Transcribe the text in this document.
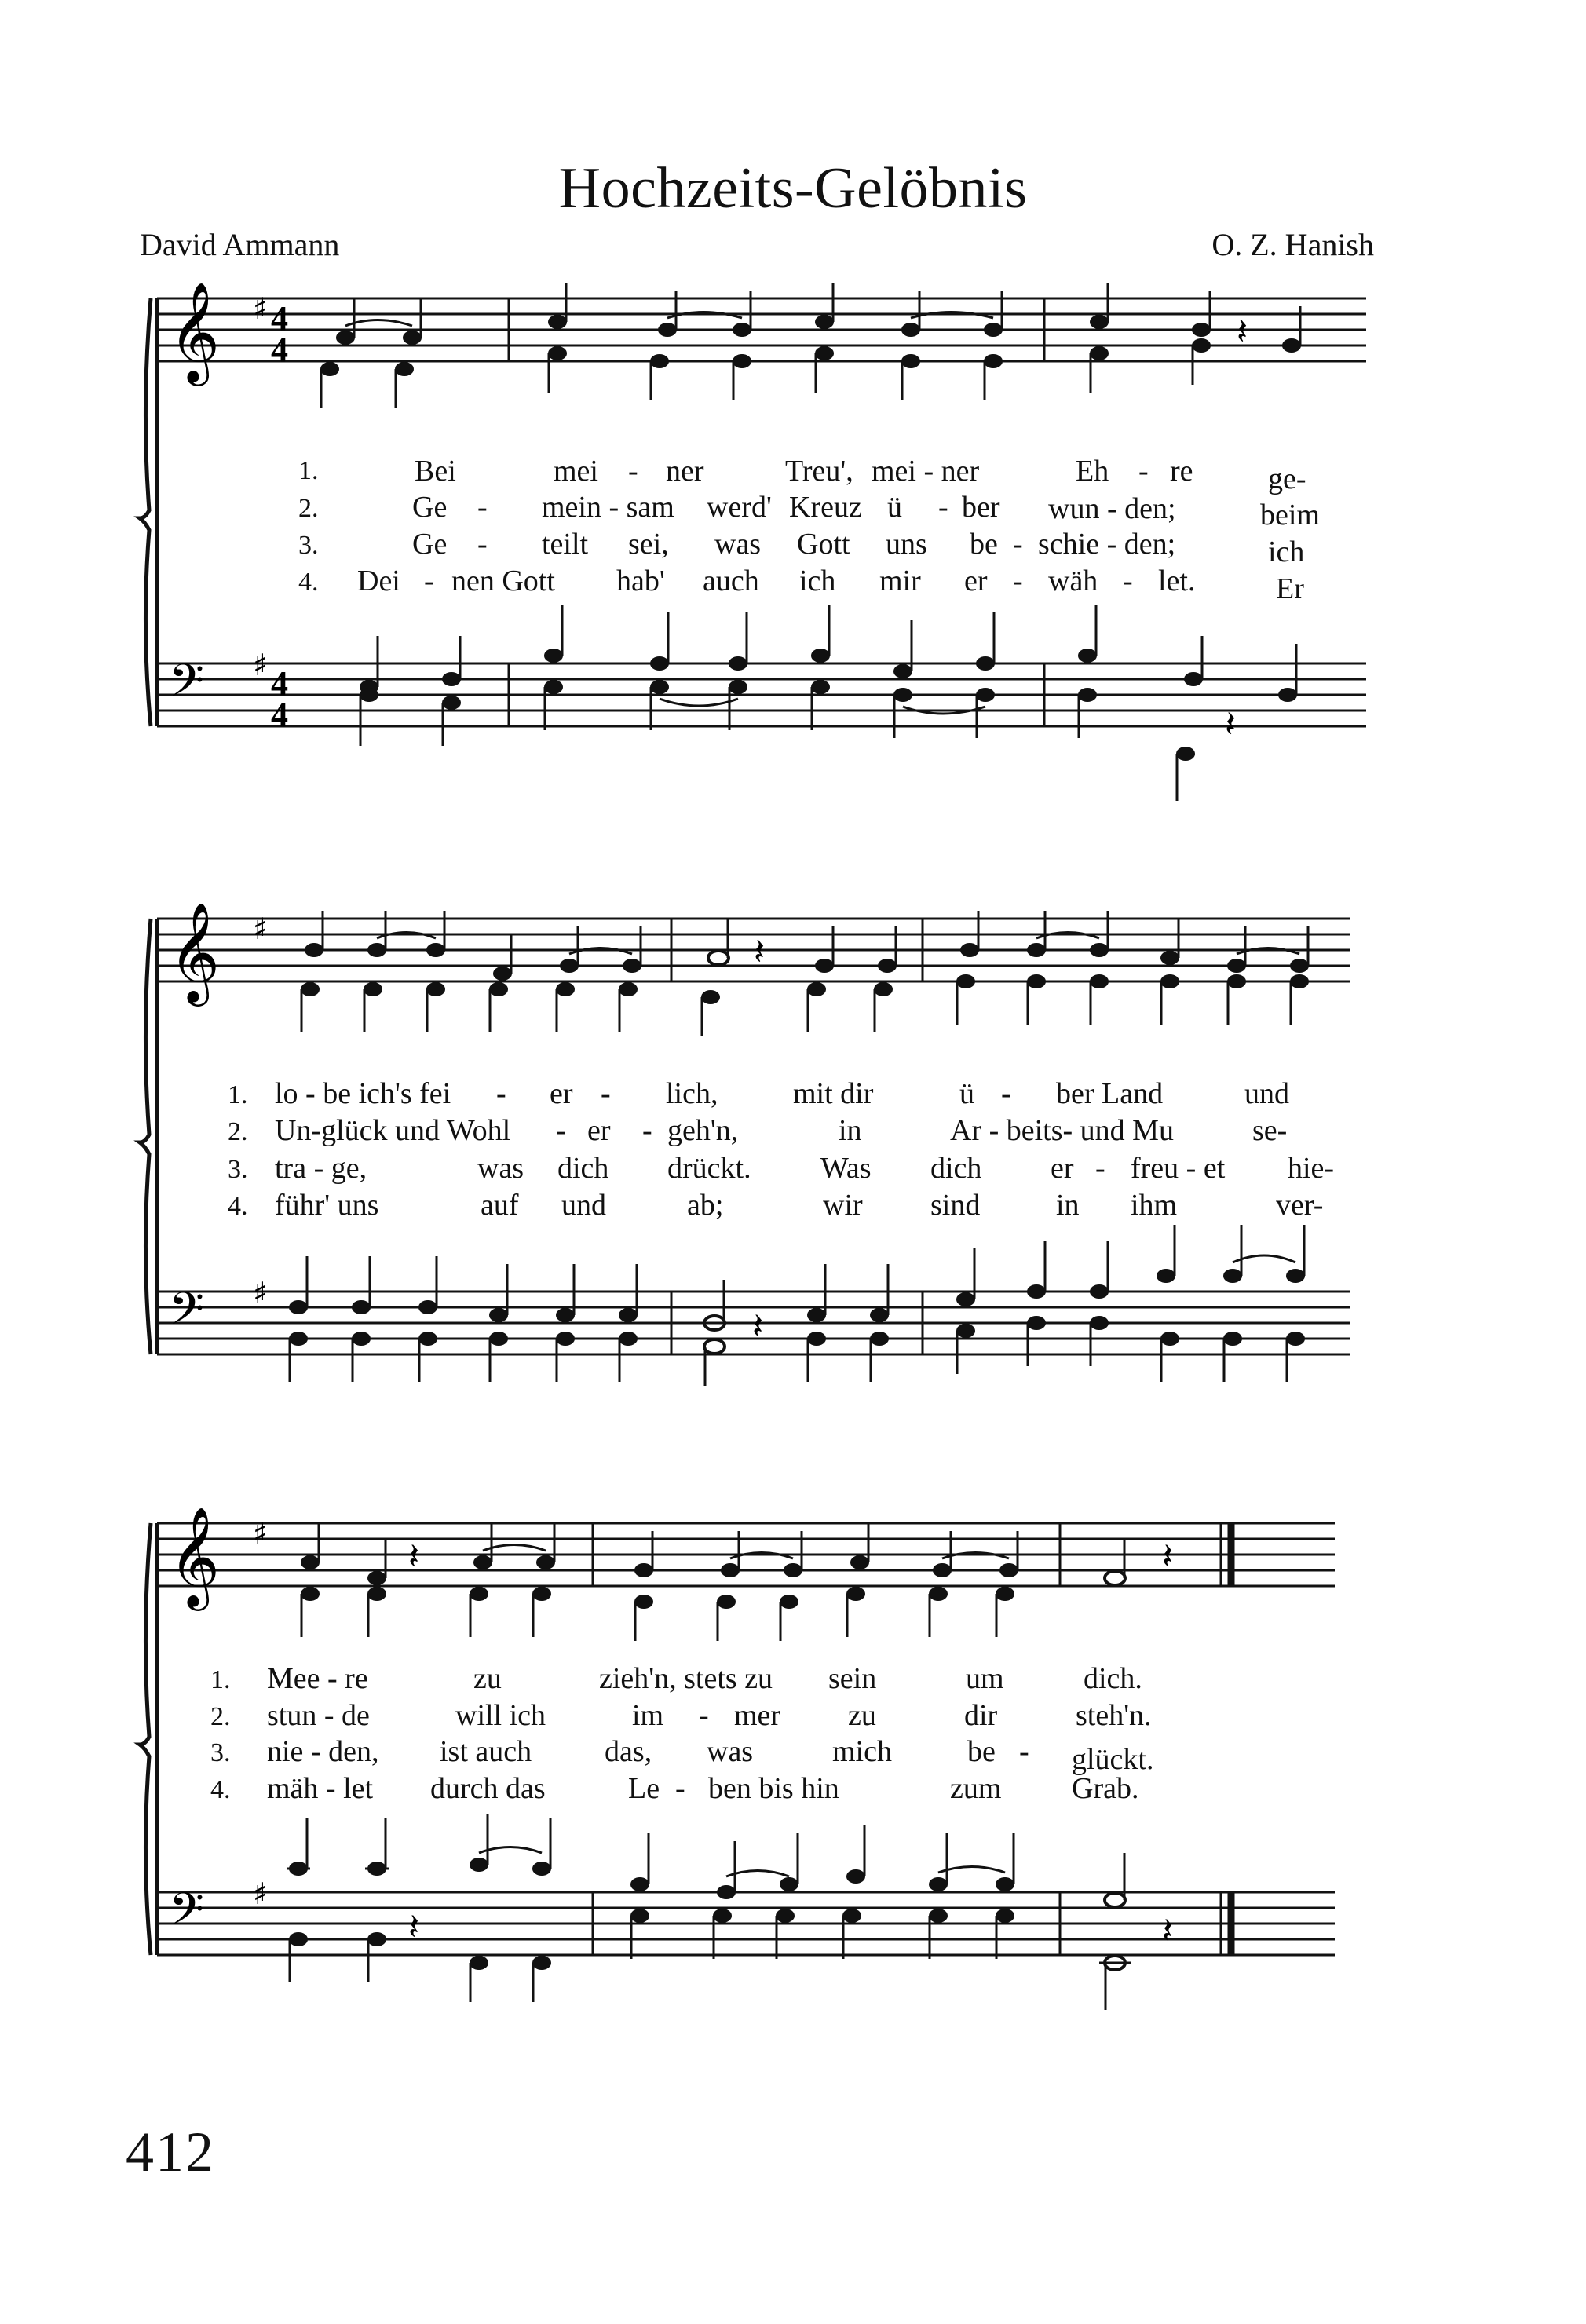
Hochzeits-Gelöbnis
David Ammann	O. Z. Hanish
𝄞 ♯ 4
4
𝄢 ♯ 4
4
𝄽
𝄽
1.	Bei	mei - ner	Treu', mei - ner	Eh - re	ge-
2.	Ge - mein - sam werd' Kreuz ü - ber wun - den;	beim
3.	Ge - teilt sei, was Gott uns be - schie - den;	ich
4. Dei - nen Gott hab' auch ich mir er - wäh - let.	Er
𝄞 ♯
𝄢 ♯
𝄽
𝄽
1. lo - be ich's fei - er - lich,	mit dir	ü - ber Land	und
2. Un-glück und Wohl - er - geh'n,	in	Ar - beits- und Mu	se-
3. tra - ge,	was dich drückt. Was dich er - freu - et hie-
4. führ' uns	auf und	ab;	wir sind	in ihm	ver-
𝄞 ♯
𝄢 ♯
𝄽	𝄽
𝄽
𝄽
1. Mee - re	zu	zieh'n, stets zu sein	um	dich.
2. stun - de	will ich	im - mer zu	dir	steh'n.
3. nie - den, ist auch das, was	mich	be - glückt.
4. mäh - let durch das	Le - ben bis hin	zum Grab.
412
